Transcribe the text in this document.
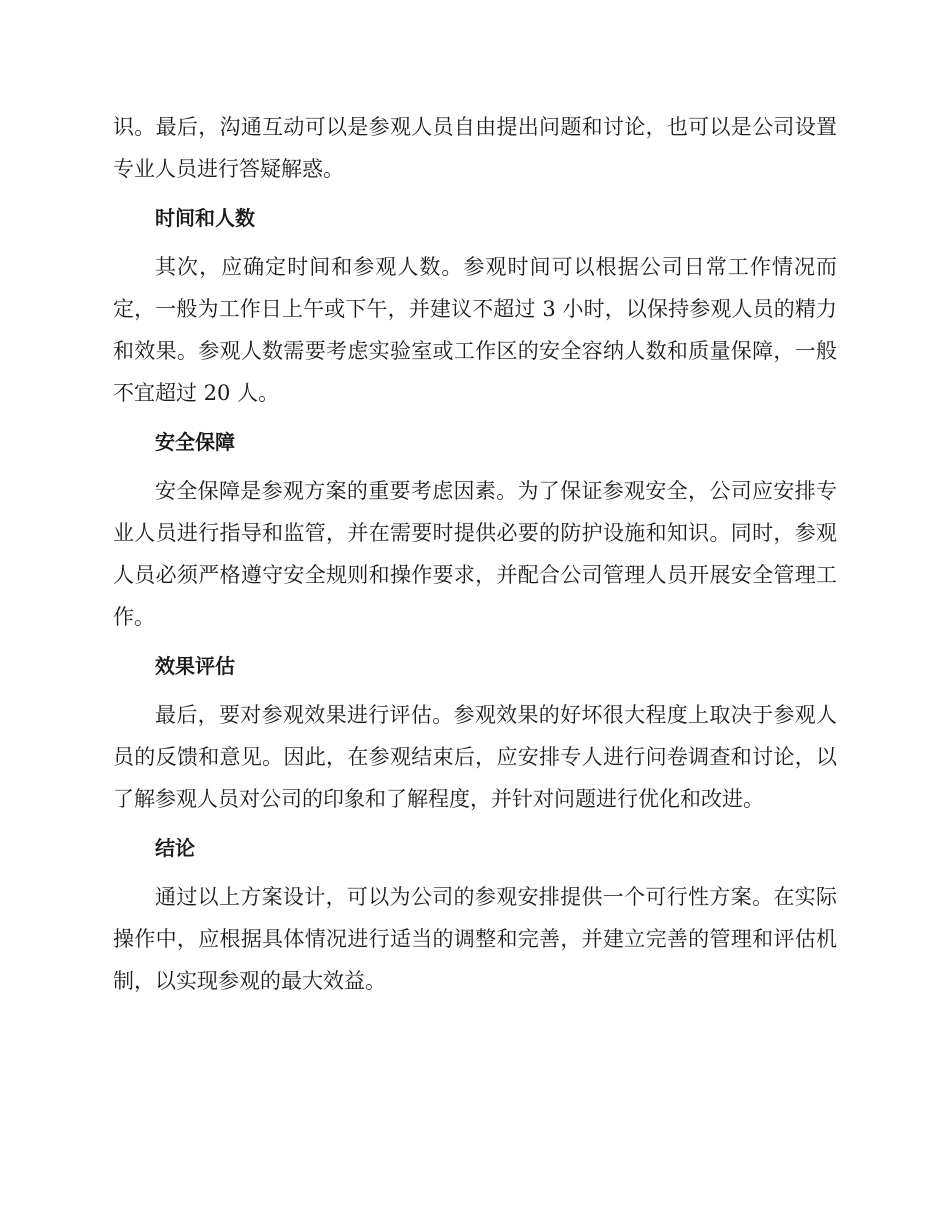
识。最后，沟通互动可以是参观人员自由提出问题和讨论，也可以是公司设置专业人员进行答疑解惑。

时间和人数

其次，应确定时间和参观人数。参观时间可以根据公司日常工作情况而定，一般为工作日上午或下午，并建议不超过 3 小时，以保持参观人员的精力和效果。参观人数需要考虑实验室或工作区的安全容纳人数和质量保障，一般不宜超过 20 人。

安全保障

安全保障是参观方案的重要考虑因素。为了保证参观安全，公司应安排专业人员进行指导和监管，并在需要时提供必要的防护设施和知识。同时，参观人员必须严格遵守安全规则和操作要求，并配合公司管理人员开展安全管理工作。

效果评估

最后，要对参观效果进行评估。参观效果的好坏很大程度上取决于参观人员的反馈和意见。因此，在参观结束后，应安排专人进行问卷调查和讨论，以了解参观人员对公司的印象和了解程度，并针对问题进行优化和改进。

结论

通过以上方案设计，可以为公司的参观安排提供一个可行性方案。在实际操作中，应根据具体情况进行适当的调整和完善，并建立完善的管理和评估机制，以实现参观的最大效益。
